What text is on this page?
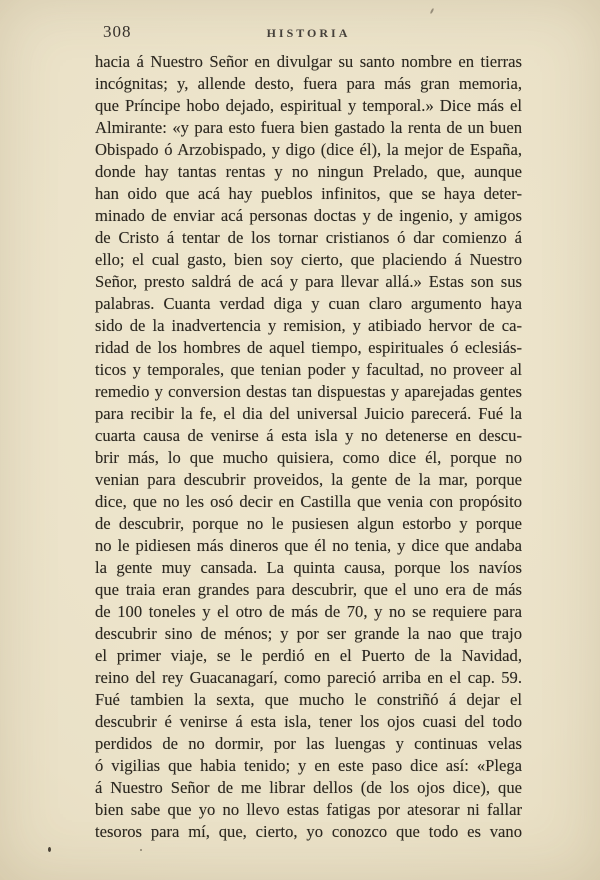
308	HISTORIA
hacia á Nuestro Señor en divulgar su santo nombre en tierras
incógnitas; y, allende desto, fuera para más gran memoria,
que Príncipe hobo dejado, espiritual y temporal.» Dice más el
Almirante: «y para esto fuera bien gastado la renta de un buen
Obispado ó Arzobispado, y digo (dice él), la mejor de España,
donde hay tantas rentas y no ningun Prelado, que, aunque
han oido que acá hay pueblos infinitos, que se haya deter-
minado de enviar acá personas doctas y de ingenio, y amigos
de Cristo á tentar de los tornar cristianos ó dar comienzo á
ello; el cual gasto, bien soy cierto, que placiendo á Nuestro
Señor, presto saldrá de acá y para llevar allá.» Estas son sus
palabras. Cuanta verdad diga y cuan claro argumento haya
sido de la inadvertencia y remision, y atibiado hervor de ca-
ridad de los hombres de aquel tiempo, espirituales ó eclesiás-
ticos y temporales, que tenian poder y facultad, no proveer al
remedio y conversion destas tan dispuestas y aparejadas gentes
para recibir la fe, el dia del universal Juicio parecerá. Fué la
cuarta causa de venirse á esta isla y no detenerse en descu-
brir más, lo que mucho quisiera, como dice él, porque no
venian para descubrir proveidos, la gente de la mar, porque
dice, que no les osó decir en Castilla que venia con propósito
de descubrir, porque no le pusiesen algun estorbo y porque
no le pidiesen más dineros que él no tenia, y dice que andaba
la gente muy cansada. La quinta causa, porque los navíos
que traia eran grandes para descubrir, que el uno era de más
de 100 toneles y el otro de más de 70, y no se requiere para
descubrir sino de ménos; y por ser grande la nao que trajo
el primer viaje, se le perdió en el Puerto de la Navidad,
reino del rey Guacanagarí, como pareció arriba en el cap. 59.
Fué tambien la sexta, que mucho le constriñó á dejar el
descubrir é venirse á esta isla, tener los ojos cuasi del todo
perdidos de no dormir, por las luengas y continuas velas
ó vigilias que habia tenido; y en este paso dice así: «Plega
á Nuestro Señor de me librar dellos (de los ojos dice), que
bien sabe que yo no llevo estas fatigas por atesorar ni fallar
tesoros para mí, que, cierto, yo conozco que todo es vano
